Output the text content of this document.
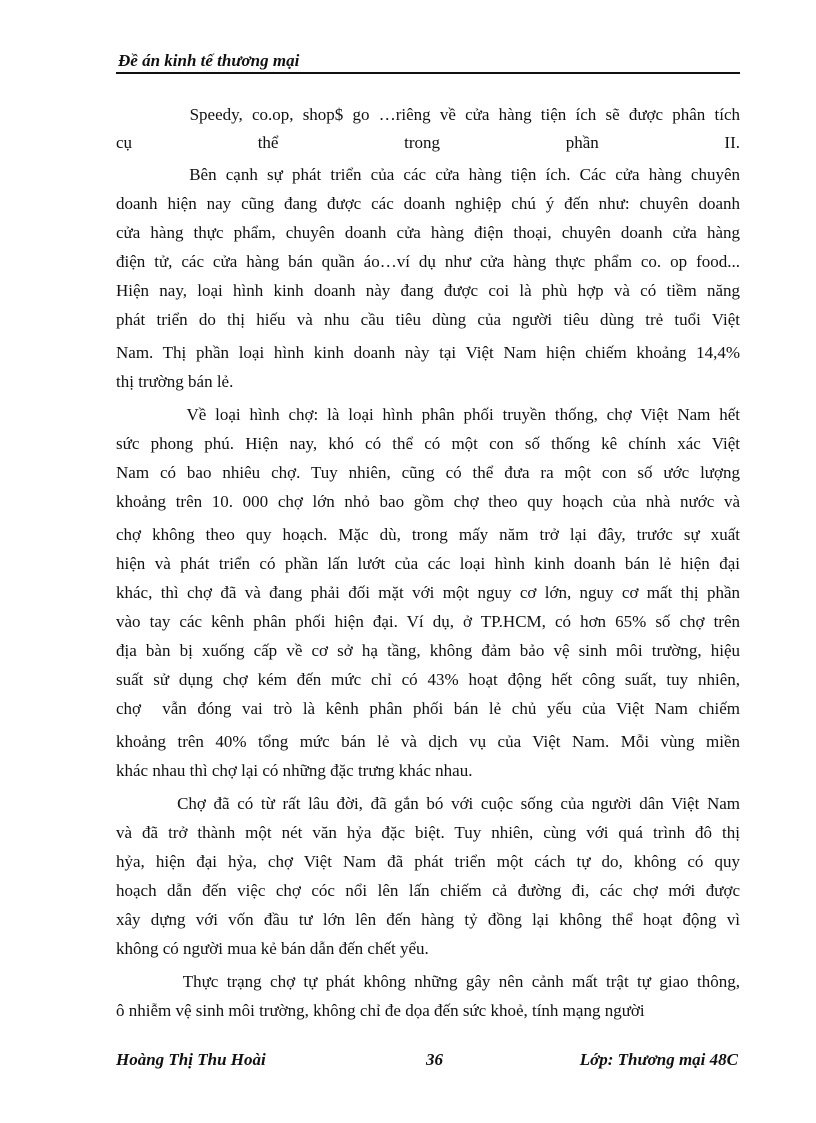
Đề án kinh tế thương mại
Speedy, co.op, shop$ go …riêng về cửa hàng tiện ích sẽ được phân tích
cụ thể trong phần II.
Bên cạnh sự phát triển của các cửa hàng tiện ích. Các cửa hàng chuyên
doanh hiện nay cũng đang được các doanh nghiệp chú ý đến như: chuyên doanh
cửa hàng thực phẩm, chuyên doanh cửa hàng điện thoại, chuyên doanh cửa hàng
điện tử, các cửa hàng bán quần áo…ví dụ như cửa hàng thực phẩm co. op food...
Hiện nay, loại hình kinh doanh này đang được coi là phù hợp và có tiềm năng
phát triển do thị hiếu và nhu cầu tiêu dùng của người tiêu dùng trẻ tuổi Việt
Nam. Thị phần loại hình kinh doanh này tại Việt Nam hiện chiếm khoảng 14,4%
thị trường bán lẻ.
Về loại hình chợ: là loại hình phân phối truyền thống, chợ Việt Nam hết
sức phong phú. Hiện nay, khó có thể có một con số thống kê chính xác Việt
Nam có bao nhiêu chợ. Tuy nhiên, cũng có thể đưa ra một con số ước lượng
khoảng trên 10. 000 chợ lớn nhỏ bao gồm chợ theo quy hoạch của nhà nước và
chợ không theo quy hoạch. Mặc dù, trong mấy năm trở lại đây, trước sự xuất
hiện và phát triển có phần lấn lướt của các loại hình kinh doanh bán lẻ hiện đại
khác, thì chợ đã và đang phải đối mặt với một nguy cơ lớn, nguy cơ mất thị phần
vào tay các kênh phân phối hiện đại. Ví dụ, ở TP.HCM, có hơn 65% số chợ trên
địa bàn bị xuống cấp về cơ sở hạ tầng, không đảm bảo vệ sinh môi trường, hiệu
suất sử dụng chợ kém đến mức chỉ có 43% hoạt động hết công suất, tuy nhiên,
chợ  vẫn đóng vai trò là kênh phân phối bán lẻ chủ yếu của Việt Nam chiếm
khoảng trên 40% tổng mức bán lẻ và dịch vụ của Việt Nam. Mỗi vùng miền
khác nhau thì chợ lại có những đặc trưng khác nhau.
Chợ đã có từ rất lâu đời, đã gắn bó với cuộc sống của người dân Việt Nam
và đã trở thành một nét văn hỷa đặc biệt. Tuy nhiên, cùng với quá trình đô thị
hỷa, hiện đại hỷa, chợ Việt Nam đã phát triển một cách tự do, không có quy
hoạch dẫn đến việc chợ cóc nổi lên lấn chiếm cả đường đi, các chợ mới được
xây dựng với vốn đầu tư lớn lên đến hàng tỷ đồng lại không thể hoạt động vì
không có người mua kẻ bán dẫn đến chết yểu.
Thực trạng chợ tự phát không những gây nên cảnh mất trật tự giao thông,
ô nhiễm vệ sinh môi trường, không chỉ đe dọa đến sức khoẻ, tính mạng người
Hoàng Thị Thu Hoài	36	Lớp: Thương mại 48C
